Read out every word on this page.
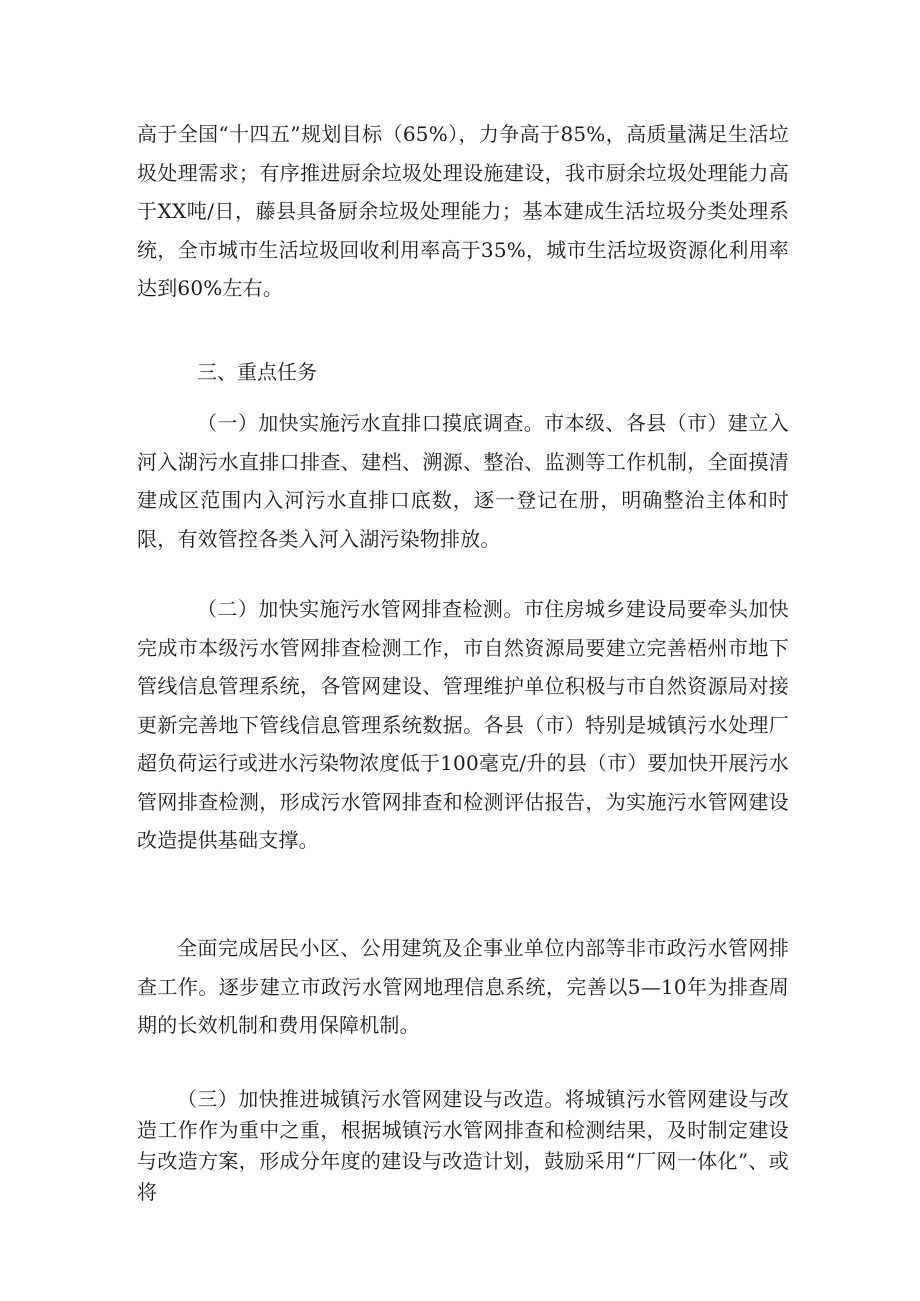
高于全国“十四五”规划目标（65%），力争高于85%，高质量满足生活垃圾处理需求；有序推进厨余垃圾处理设施建设，我市厨余垃圾处理能力高于XX吨/日，藤县具备厨余垃圾处理能力；基本建成生活垃圾分类处理系统，全市城市生活垃圾回收利用率高于35%，城市生活垃圾资源化利用率达到60%左右。

三、重点任务

（一）加快实施污水直排口摸底调查。市本级、各县（市）建立入河入湖污水直排口排查、建档、溯源、整治、监测等工作机制，全面摸清建成区范围内入河污水直排口底数，逐一登记在册，明确整治主体和时限，有效管控各类入河入湖污染物排放。

（二）加快实施污水管网排查检测。市住房城乡建设局要牵头加快完成市本级污水管网排查检测工作，市自然资源局要建立完善梧州市地下管线信息管理系统，各管网建设、管理维护单位积极与市自然资源局对接更新完善地下管线信息管理系统数据。各县（市）特别是城镇污水处理厂超负荷运行或进水污染物浓度低于100毫克/升的县（市）要加快开展污水管网排查检测，形成污水管网排查和检测评估报告，为实施污水管网建设改造提供基础支撑。

全面完成居民小区、公用建筑及企事业单位内部等非市政污水管网排查工作。逐步建立市政污水管网地理信息系统，完善以5—10年为排查周期的长效机制和费用保障机制。

（三）加快推进城镇污水管网建设与改造。将城镇污水管网建设与改造工作作为重中之重，根据城镇污水管网排查和检测结果，及时制定建设与改造方案，形成分年度的建设与改造计划，鼓励采用“厂网一体化”、或将
